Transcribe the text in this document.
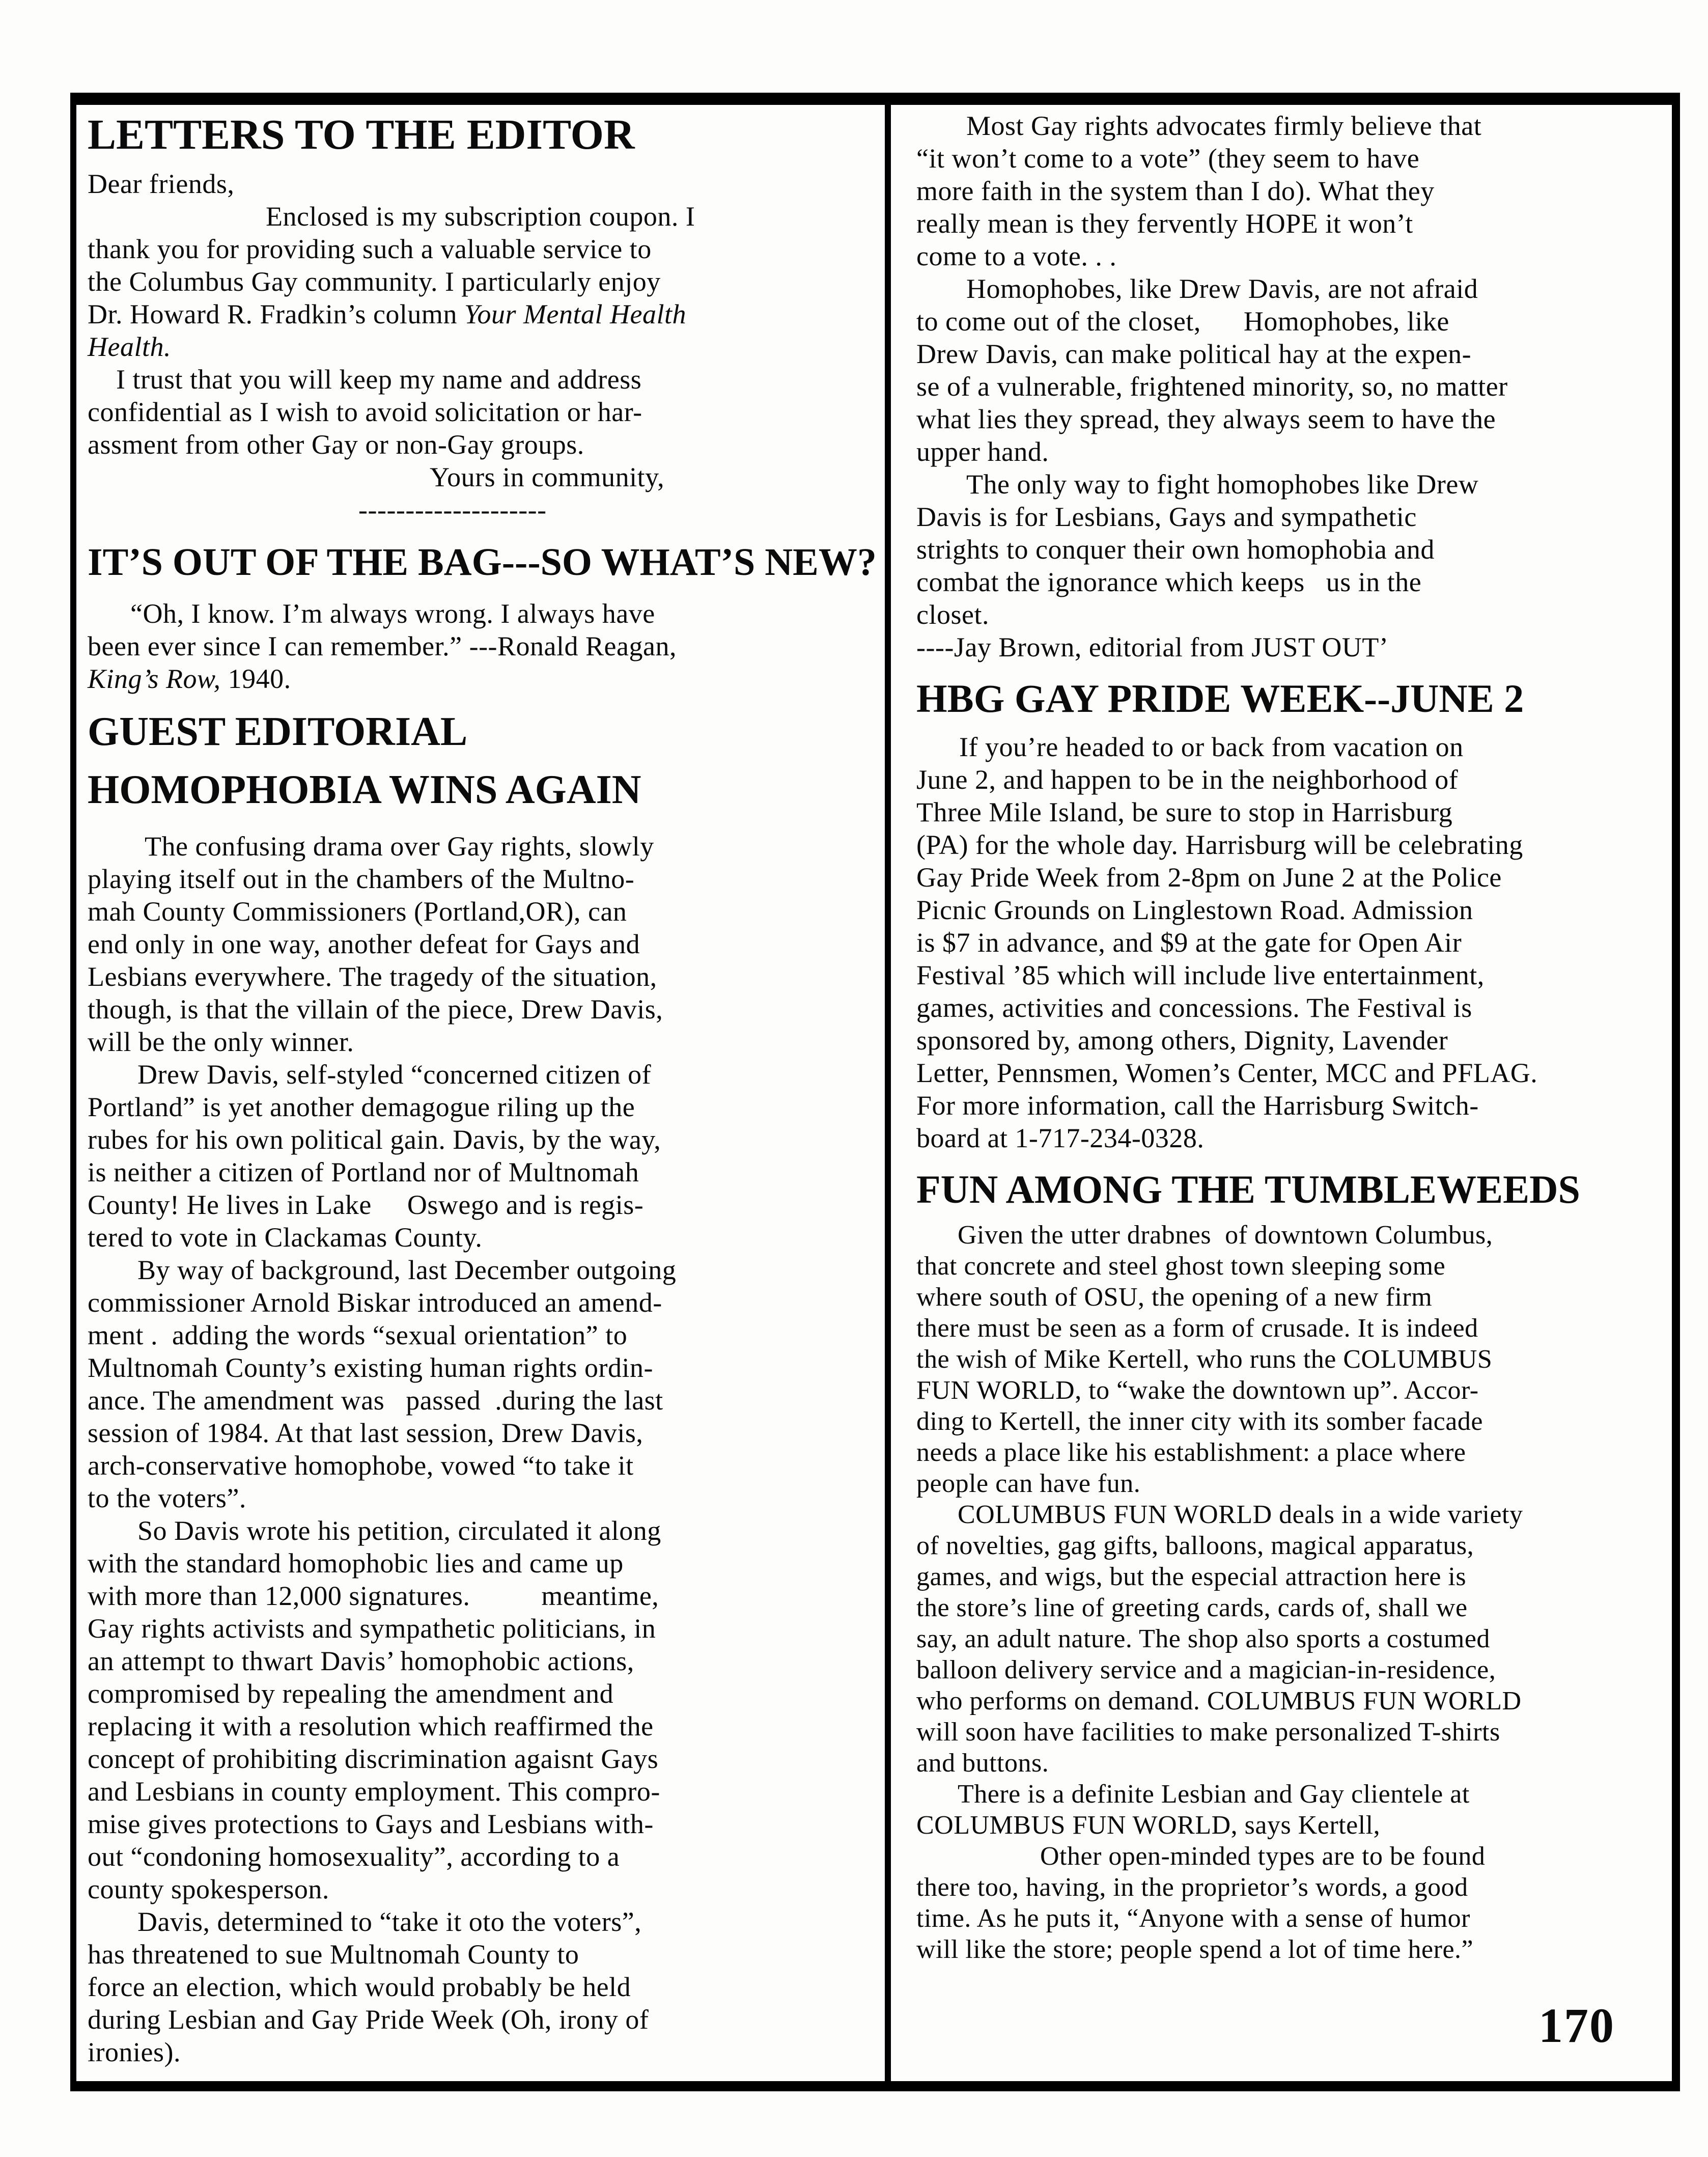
LETTERS TO THE EDITOR
Dear friends,
Enclosed is my subscription coupon. I
thank you for providing such a valuable service to
the Columbus Gay community. I particularly enjoy
Dr. Howard R. Fradkin’s column Your Mental Health
Health.
I trust that you will keep my name and address
confidential as I wish to avoid solicitation or har-
assment from other Gay or non-Gay groups.
Yours in community,
--------------------
IT’S OUT OF THE BAG---SO WHAT’S NEW?
“Oh, I know. I’m always wrong. I always have
been ever since I can remember.” ---Ronald Reagan,
King’s Row, 1940.
GUEST EDITORIAL
HOMOPHOBIA WINS AGAIN
The confusing drama over Gay rights, slowly
playing itself out in the chambers of the Multno-
mah County Commissioners (Portland,OR), can
end only in one way, another defeat for Gays and
Lesbians everywhere. The tragedy of the situation,
though, is that the villain of the piece, Drew Davis,
will be the only winner.
Drew Davis, self-styled “concerned citizen of
Portland” is yet another demagogue riling up the
rubes for his own political gain. Davis, by the way,
is neither a citizen of Portland nor of Multnomah
County! He lives in Lake     Oswego and is regis-
tered to vote in Clackamas County.
By way of background, last December outgoing
commissioner Arnold Biskar introduced an amend-
ment .  adding the words “sexual orientation” to
Multnomah County’s existing human rights ordin-
ance. The amendment was   passed  .during the last
session of 1984. At that last session, Drew Davis,
arch-conservative homophobe, vowed “to take it
to the voters”.
So Davis wrote his petition, circulated it along
with the standard homophobic lies and came up
with more than 12,000 signatures.          meantime,
Gay rights activists and sympathetic politicians, in
an attempt to thwart Davis’ homophobic actions,
compromised by repealing the amendment and
replacing it with a resolution which reaffirmed the
concept of prohibiting discrimination agaisnt Gays
and Lesbians in county employment. This compro-
mise gives protections to Gays and Lesbians with-
out “condoning homosexuality”, according to a
county spokesperson.
Davis, determined to “take it oto the voters”,
has threatened to sue Multnomah County to
force an election, which would probably be held
during Lesbian and Gay Pride Week (Oh, irony of
ironies).
Most Gay rights advocates firmly believe that
“it won’t come to a vote” (they seem to have
more faith in the system than I do). What they
really mean is they fervently HOPE it won’t
come to a vote. . .
Homophobes, like Drew Davis, are not afraid
to come out of the closet,      Homophobes, like
Drew Davis, can make political hay at the expen-
se of a vulnerable, frightened minority, so, no matter
what lies they spread, they always seem to have the
upper hand.
The only way to fight homophobes like Drew
Davis is for Lesbians, Gays and sympathetic
strights to conquer their own homophobia and
combat the ignorance which keeps   us in the
closet.
----Jay Brown, editorial from JUST OUT’
HBG GAY PRIDE WEEK--JUNE 2
If you’re headed to or back from vacation on
June 2, and happen to be in the neighborhood of
Three Mile Island, be sure to stop in Harrisburg
(PA) for the whole day. Harrisburg will be celebrating
Gay Pride Week from 2-8pm on June 2 at the Police
Picnic Grounds on Linglestown Road. Admission
is $7 in advance, and $9 at the gate for Open Air
Festival ’85 which will include live entertainment,
games, activities and concessions. The Festival is
sponsored by, among others, Dignity, Lavender
Letter, Pennsmen, Women’s Center, MCC and PFLAG.
For more information, call the Harrisburg Switch-
board at 1-717-234-0328.
FUN AMONG THE TUMBLEWEEDS
Given the utter drabnes  of downtown Columbus,
that concrete and steel ghost town sleeping some
where south of OSU, the opening of a new firm
there must be seen as a form of crusade. It is indeed
the wish of Mike Kertell, who runs the COLUMBUS
FUN WORLD, to “wake the downtown up”. Accor-
ding to Kertell, the inner city with its somber facade
needs a place like his establishment: a place where
people can have fun.
COLUMBUS FUN WORLD deals in a wide variety
of novelties, gag gifts, balloons, magical apparatus,
games, and wigs, but the especial attraction here is
the store’s line of greeting cards, cards of, shall we
say, an adult nature. The shop also sports a costumed
balloon delivery service and a magician-in-residence,
who performs on demand. COLUMBUS FUN WORLD
will soon have facilities to make personalized T-shirts
and buttons.
There is a definite Lesbian and Gay clientele at
COLUMBUS FUN WORLD, says Kertell,
Other open-minded types are to be found
there too, having, in the proprietor’s words, a good
time. As he puts it, “Anyone with a sense of humor
will like the store; people spend a lot of time here.”
170
